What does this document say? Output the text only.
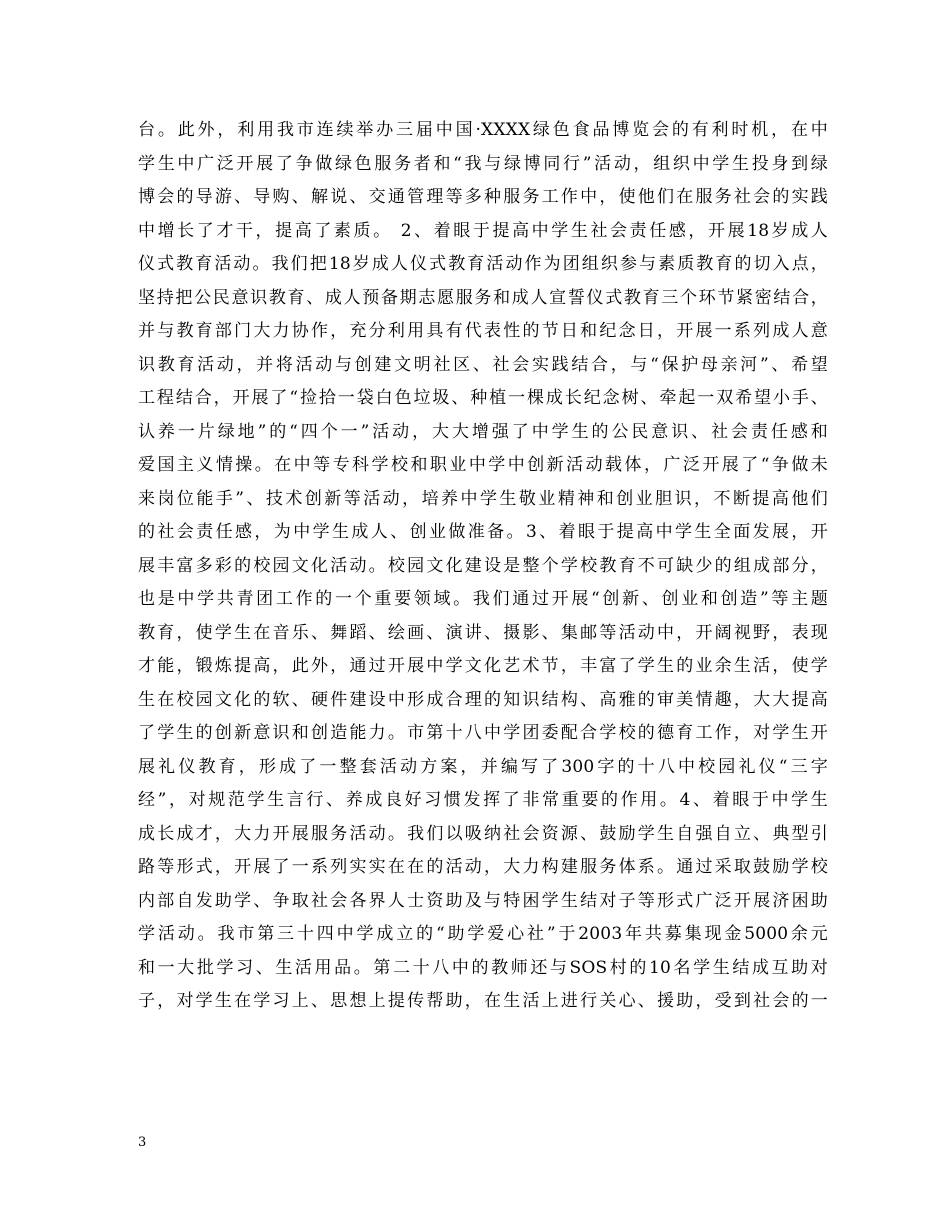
台。此外，利用我市连续举办三届中国·XXXX绿色食品博览会的有利时机，在中
学生中广泛开展了争做绿色服务者和“我与绿博同行”活动，组织中学生投身到绿
博会的导游、导购、解说、交通管理等多种服务工作中，使他们在服务社会的实践
中增长了才干，提高了素质。 2、着眼于提高中学生社会责任感，开展18岁成人
仪式教育活动。我们把18岁成人仪式教育活动作为团组织参与素质教育的切入点，
坚持把公民意识教育、成人预备期志愿服务和成人宣誓仪式教育三个环节紧密结合，
并与教育部门大力协作，充分利用具有代表性的节日和纪念日，开展一系列成人意
识教育活动，并将活动与创建文明社区、社会实践结合，与“保护母亲河”、希望
工程结合，开展了“捡拾一袋白色垃圾、种植一棵成长纪念树、牵起一双希望小手、
认养一片绿地”的“四个一”活动，大大增强了中学生的公民意识、社会责任感和
爱国主义情操。在中等专科学校和职业中学中创新活动载体，广泛开展了“争做未
来岗位能手”、技术创新等活动，培养中学生敬业精神和创业胆识，不断提高他们
的社会责任感，为中学生成人、创业做准备。3、着眼于提高中学生全面发展，开
展丰富多彩的校园文化活动。校园文化建设是整个学校教育不可缺少的组成部分，
也是中学共青团工作的一个重要领域。我们通过开展“创新、创业和创造”等主题
教育，使学生在音乐、舞蹈、绘画、演讲、摄影、集邮等活动中，开阔视野，表现
才能，锻炼提高，此外，通过开展中学文化艺术节，丰富了学生的业余生活，使学
生在校园文化的软、硬件建设中形成合理的知识结构、高雅的审美情趣，大大提高
了学生的创新意识和创造能力。市第十八中学团委配合学校的德育工作，对学生开
展礼仪教育，形成了一整套活动方案，并编写了300字的十八中校园礼仪“三字
经”，对规范学生言行、养成良好习惯发挥了非常重要的作用。4、着眼于中学生
成长成才，大力开展服务活动。我们以吸纳社会资源、鼓励学生自强自立、典型引
路等形式，开展了一系列实实在在的活动，大力构建服务体系。通过采取鼓励学校
内部自发助学、争取社会各界人士资助及与特困学生结对子等形式广泛开展济困助
学活动。我市第三十四中学成立的“助学爱心社”于2003年共募集现金5000余元
和一大批学习、生活用品。第二十八中的教师还与SOS村的10名学生结成互助对
子，对学生在学习上、思想上提传帮助，在生活上进行关心、援助，受到社会的一
3
